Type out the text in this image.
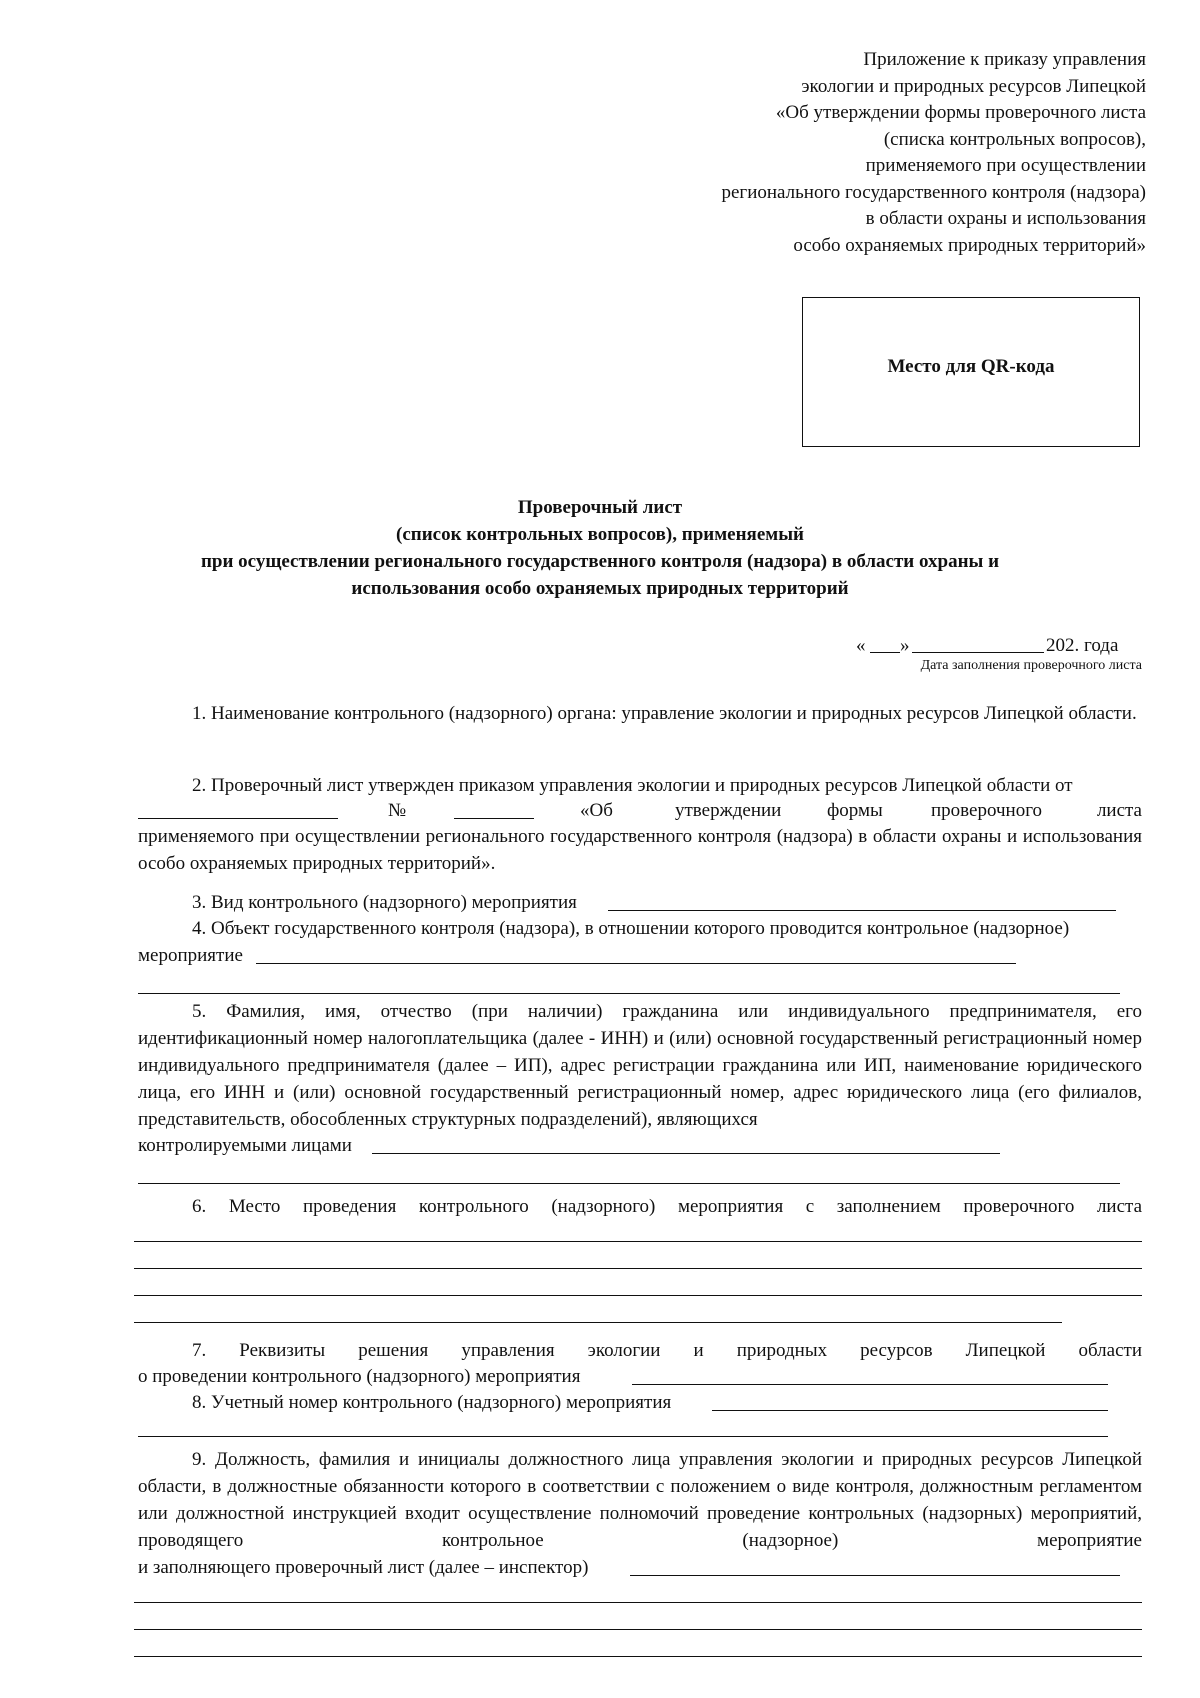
Приложение к приказу управления
экологии и природных ресурсов Липецкой
«Об утверждении формы проверочного листа
(списка контрольных вопросов),
применяемого при осуществлении
регионального государственного контроля (надзора)
в области охраны и использования
особо охраняемых природных территорий»
Место для QR-кода
Проверочный лист
(список контрольных вопросов), применяемый
при осуществлении регионального государственного контроля (надзора) в области охраны и
использования особо охраняемых природных территорий
« »	202. года
Дата заполнения проверочного листа
1. Наименование контрольного (надзорного) органа: управление экологии и природных ресурсов Липецкой области.
2. Проверочный лист утвержден приказом управления экологии и природных ресурсов Липецкой области от
№	«Об	утверждении формы	проверочного	листа
применяемого при осуществлении регионального государственного контроля (надзора) в области охраны и использования особо охраняемых природных территорий».
3. Вид контрольного (надзорного) мероприятия
4. Объект государственного контроля (надзора), в отношении которого проводится контрольное (надзорное)
мероприятие
5. Фамилия, имя, отчество (при наличии) гражданина или индивидуального предпринимателя, его идентификационный номер налогоплательщика (далее - ИНН) и (или) основной государственный регистрационный номер индивидуального предпринимателя (далее – ИП), адрес регистрации гражданина или ИП, наименование юридического лица, его ИНН и (или) основной государственный регистрационный номер, адрес юридического лица (его филиалов, представительств, обособленных структурных подразделений), являющихся
контролируемыми лицами
6. Место проведения контрольного (надзорного) мероприятия с заполнением проверочного листа
7. Реквизиты решения управления экологии и природных ресурсов Липецкой области
о проведении контрольного (надзорного) мероприятия
8. Учетный номер контрольного (надзорного) мероприятия
9. Должность, фамилия и инициалы должностного лица управления экологии и природных ресурсов Липецкой области, в должностные обязанности которого в соответствии с положением о виде контроля, должностным регламентом или должностной инструкцией входит осуществление полномочий проведение контрольных (надзорных) мероприятий, проводящего контрольное (надзорное) мероприятие
и заполняющего проверочный лист (далее – инспектор)
